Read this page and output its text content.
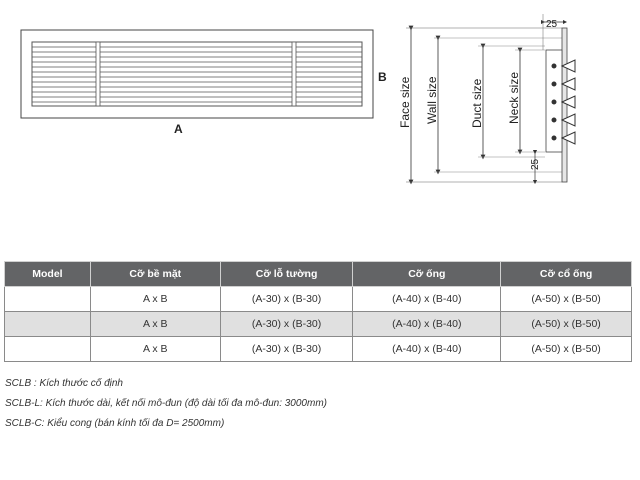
A
B
25
25
Face size Wall size	Duct size Neck size
Model	Cỡ bề mặt	Cỡ lỗ tường	Cỡ ống	Cỡ cổ ống
	A x B	(A-30) x (B-30)	(A-40) x (B-40)	(A-50) x (B-50)
	A x B	(A-30) x (B-30)	(A-40) x (B-40)	(A-50) x (B-50)
	A x B	(A-30) x (B-30)	(A-40) x (B-40)	(A-50) x (B-50)
SCLB : Kích thước cố định
SCLB-L: Kích thước dài, kết nối mô-đun (độ dài tối đa mô-đun: 3000mm)
SCLB-C: Kiểu cong (bán kính tối đa D= 2500mm)
